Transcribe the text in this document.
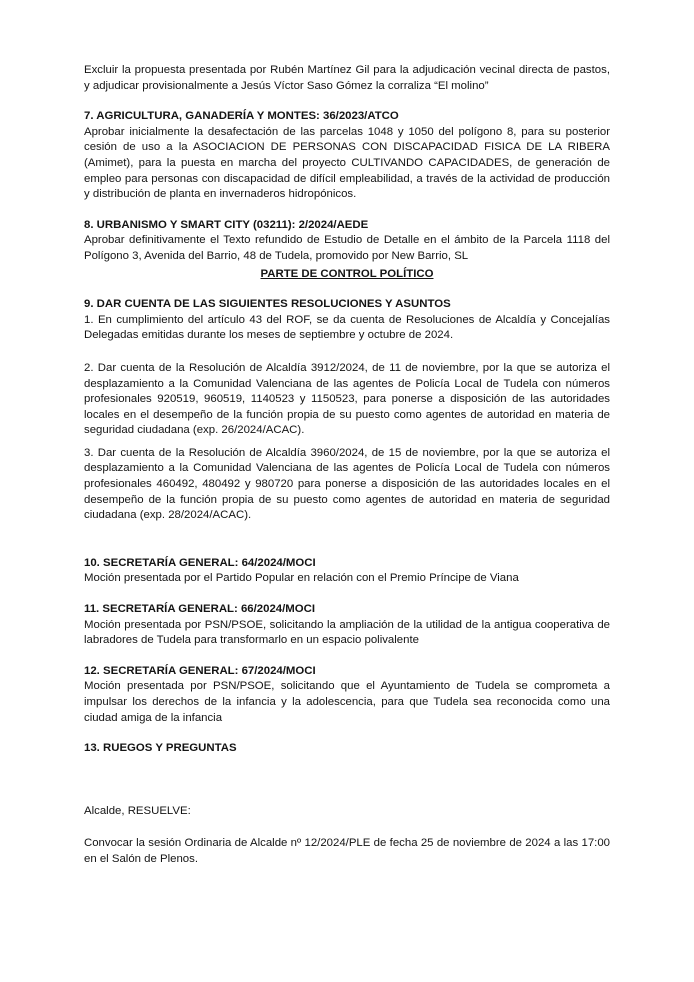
Excluir la propuesta presentada por Rubén Martínez Gil para la adjudicación vecinal directa de pastos, y adjudicar provisionalmente a Jesús Víctor Saso Gómez la corraliza “El molino”

7. AGRICULTURA, GANADERÍA Y MONTES: 36/2023/ATCO

Aprobar inicialmente la desafectación de las parcelas 1048 y 1050 del polígono 8, para su posterior cesión de uso a la ASOCIACION DE PERSONAS CON DISCAPACIDAD FISICA DE LA RIBERA (Amimet), para la puesta en marcha del proyecto CULTIVANDO CAPACIDADES, de generación de empleo para personas con discapacidad de difícil empleabilidad, a través de la actividad de producción y distribución de planta en invernaderos hidropónicos.

8. URBANISMO Y SMART CITY (03211): 2/2024/AEDE

Aprobar definitivamente el Texto refundido de Estudio de Detalle en el ámbito de la Parcela 1118 del Polígono 3, Avenida del Barrio, 48 de Tudela, promovido por New Barrio, SL

PARTE DE CONTROL POLÍTICO

9. DAR CUENTA DE LAS SIGUIENTES RESOLUCIONES Y ASUNTOS

1. En cumplimiento del artículo 43 del ROF, se da cuenta de Resoluciones de Alcaldía y Concejalías Delegadas emitidas durante los meses de septiembre y octubre de 2024.

2. Dar cuenta de la Resolución de Alcaldía 3912/2024, de 11 de noviembre, por la que se autoriza el desplazamiento a la Comunidad Valenciana de las agentes de Policía Local de Tudela con números profesionales 920519, 960519, 1140523 y 1150523, para ponerse a disposición de las autoridades locales en el desempeño de la función propia de su puesto como agentes de autoridad en materia de seguridad ciudadana (exp. 26/2024/ACAC).

3. Dar cuenta de la Resolución de Alcaldía 3960/2024, de 15 de noviembre, por la que se autoriza el desplazamiento a la Comunidad Valenciana de las agentes de Policía Local de Tudela con números profesionales 460492, 480492 y 980720 para ponerse a disposición de las autoridades locales en el desempeño de la función propia de su puesto como agentes de autoridad en materia de seguridad ciudadana (exp. 28/2024/ACAC).

10. SECRETARÍA GENERAL: 64/2024/MOCI

Moción presentada por el Partido Popular en relación con el Premio Príncipe de Viana

11. SECRETARÍA GENERAL: 66/2024/MOCI

Moción presentada por PSN/PSOE, solicitando la ampliación de la utilidad de la antigua cooperativa de labradores de Tudela para transformarlo en un espacio polivalente

12. SECRETARÍA GENERAL: 67/2024/MOCI

Moción presentada por PSN/PSOE, solicitando que el Ayuntamiento de Tudela se comprometa a impulsar los derechos de la infancia y la adolescencia, para que Tudela sea reconocida como una ciudad amiga de la infancia

13. RUEGOS Y PREGUNTAS

Alcalde, RESUELVE:

Convocar la sesión Ordinaria de Alcalde nº 12/2024/PLE de fecha 25 de noviembre de 2024 a las 17:00 en el Salón de Plenos.
